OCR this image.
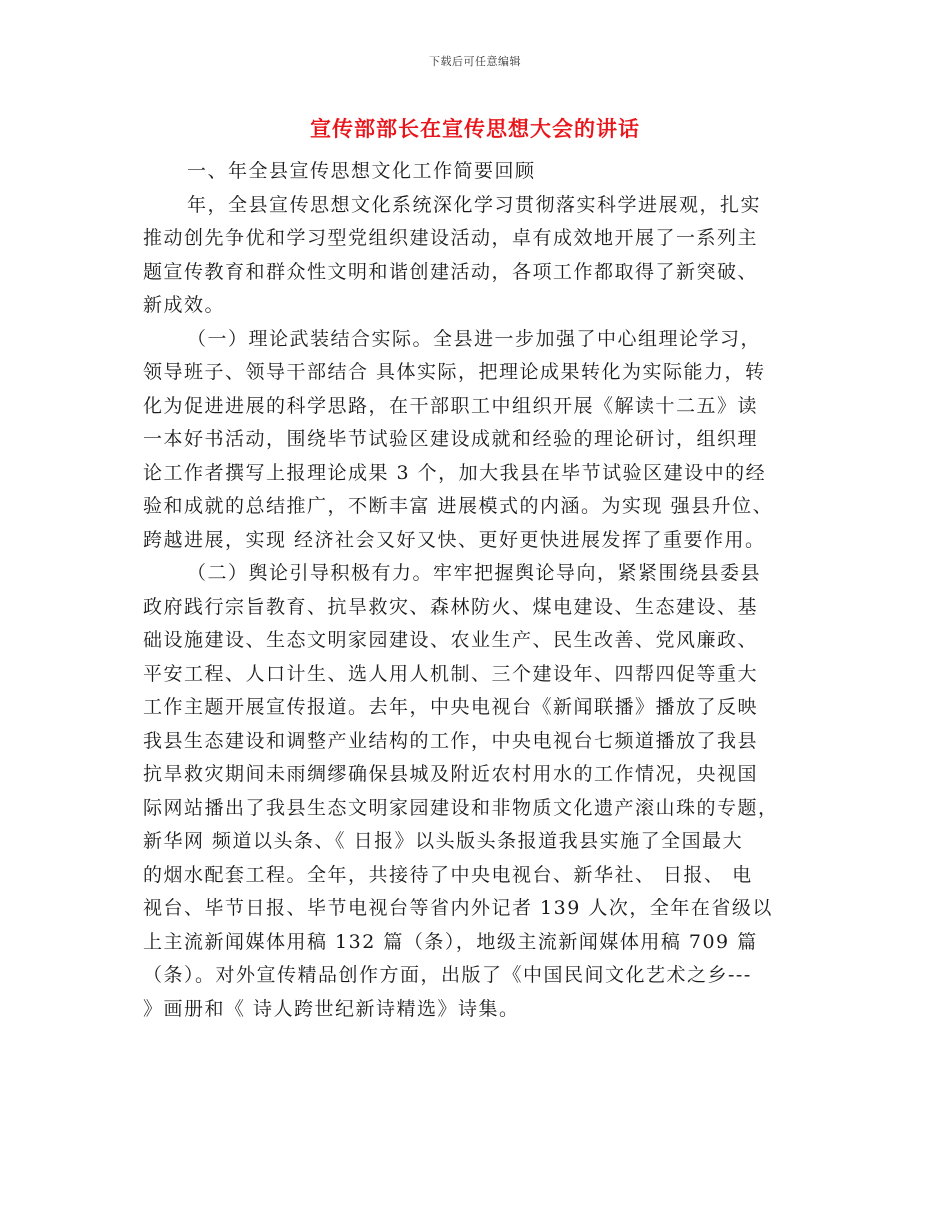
下载后可任意编辑
宣传部部长在宣传思想大会的讲话
一、年全县宣传思想文化工作简要回顾
年，全县宣传思想文化系统深化学习贯彻落实科学进展观，扎实
推动创先争优和学习型党组织建设活动，卓有成效地开展了一系列主
题宣传教育和群众性文明和谐创建活动，各项工作都取得了新突破、
新成效。
（一）理论武装结合实际。全县进一步加强了中心组理论学习，
领导班子、领导干部结合 具体实际，把理论成果转化为实际能力，转
化为促进进展的科学思路，在干部职工中组织开展《解读十二五》读
一本好书活动，围绕毕节试验区建设成就和经验的理论研讨，组织理
论工作者撰写上报理论成果 3 个，加大我县在毕节试验区建设中的经
验和成就的总结推广，不断丰富 进展模式的内涵。为实现 强县升位、
跨越进展，实现 经济社会又好又快、更好更快进展发挥了重要作用。
（二）舆论引导积极有力。牢牢把握舆论导向，紧紧围绕县委县
政府践行宗旨教育、抗旱救灾、森林防火、煤电建设、生态建设、基
础设施建设、生态文明家园建设、农业生产、民生改善、党风廉政、
平安工程、人口计生、选人用人机制、三个建设年、四帮四促等重大
工作主题开展宣传报道。去年，中央电视台《新闻联播》播放了反映
我县生态建设和调整产业结构的工作，中央电视台七频道播放了我县
抗旱救灾期间未雨绸缪确保县城及附近农村用水的工作情况，央视国
际网站播出了我县生态文明家园建设和非物质文化遗产滚山珠的专题，
新华网 频道以头条、《 日报》以头版头条报道我县实施了全国最大
的烟水配套工程。全年，共接待了中央电视台、新华社、 日报、 电
视台、毕节日报、毕节电视台等省内外记者 139 人次，全年在省级以
上主流新闻媒体用稿 132 篇（条），地级主流新闻媒体用稿 709 篇
（条）。对外宣传精品创作方面，出版了《中国民间文化艺术之乡---
》画册和《 诗人跨世纪新诗精选》诗集。
